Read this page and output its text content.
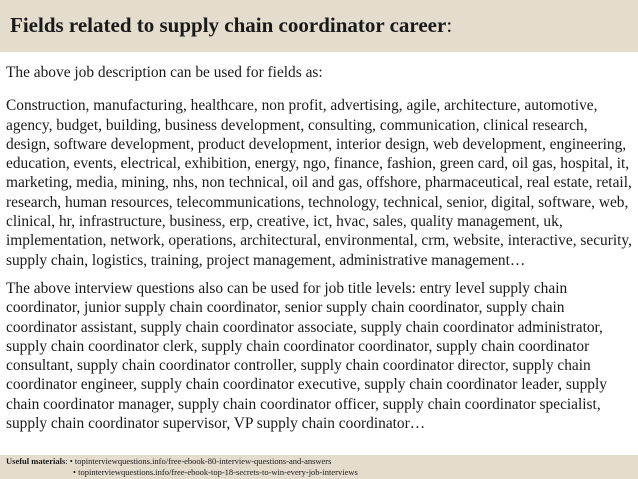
Fields related to supply chain coordinator career:

The above job description can be used for fields as:

Construction, manufacturing, healthcare, non profit, advertising, agile, architecture, automotive, agency, budget, building, business development, consulting, communication, clinical research, design, software development, product development, interior design, web development, engineering, education, events, electrical, exhibition, energy, ngo, finance, fashion, green card, oil gas, hospital, it, marketing, media, mining, nhs, non technical, oil and gas, offshore, pharmaceutical, real estate, retail, research, human resources, telecommunications, technology, technical, senior, digital, software, web, clinical, hr, infrastructure, business, erp, creative, ict, hvac, sales, quality management, uk, implementation, network, operations, architectural, environmental, crm, website, interactive, security, supply chain, logistics, training, project management, administrative management…

The above interview questions also can be used for job title levels: entry level supply chain coordinator, junior supply chain coordinator, senior supply chain coordinator, supply chain coordinator assistant, supply chain coordinator associate, supply chain coordinator administrator, supply chain coordinator clerk, supply chain coordinator coordinator, supply chain coordinator consultant, supply chain coordinator controller, supply chain coordinator director, supply chain coordinator engineer, supply chain coordinator executive, supply chain coordinator leader, supply chain coordinator manager, supply chain coordinator officer, supply chain coordinator specialist, supply chain coordinator supervisor, VP supply chain coordinator…

Useful materials: • topinterviewquestions.info/free-ebook-80-interview-questions-and-answers
• topinterviewquestions.info/free-ebook-top-18-secrets-to-win-every-job-interviews
